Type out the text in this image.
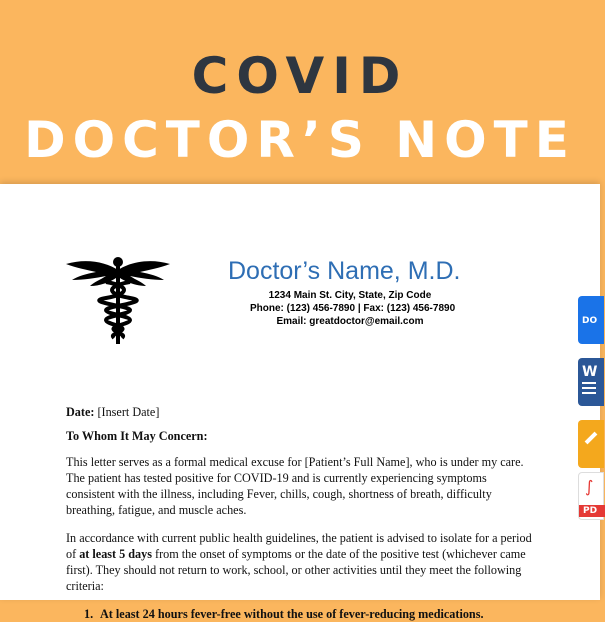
COVID
DOCTOR’S NOTE
Doctor’s Name, M.D.
1234 Main St. City, State, Zip Code
Phone: (123) 456-7890 | Fax: (123) 456-7890
Email: greatdoctor@email.com

Date: [Insert Date]

To Whom It May Concern:

This letter serves as a formal medical excuse for [Patient’s Full Name], who is under my care. The patient has tested positive for COVID-19 and is currently experiencing symptoms consistent with the illness, including Fever, chills, cough, shortness of breath, difficulty breathing, fatigue, and muscle aches.

In accordance with current public health guidelines, the patient is advised to isolate for a period of at least 5 days from the onset of symptoms or the date of the positive test (whichever came first). They should not return to work, school, or other activities until they meet the following criteria:

1. At least 24 hours fever-free without the use of fever-reducing medications.
DO
W
∫
PD
